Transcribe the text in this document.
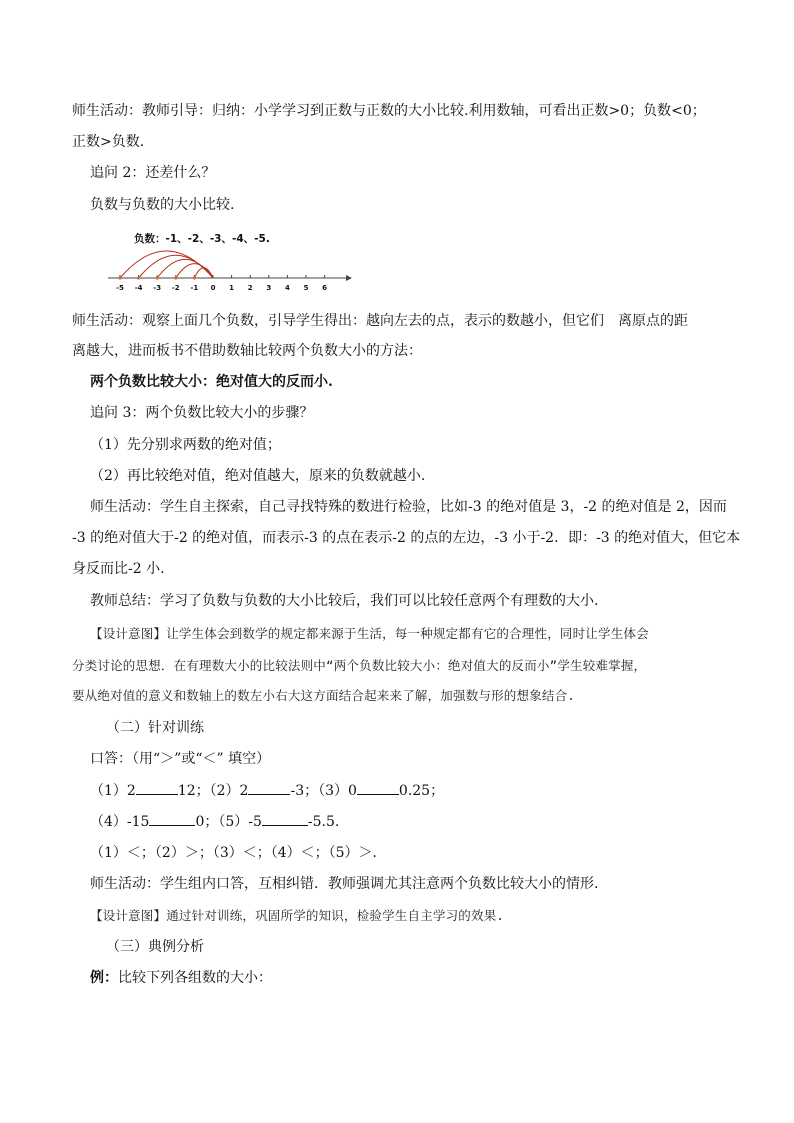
师生活动：教师引导：归纳：小学学习到正数与正数的大小比较.利用数轴，可看出正数>0；负数<0；
正数>负数.
追问 2：还差什么？
负数与负数的大小比较.
负数：-1、-2、-3、-4、-5.
-5 -4 -3 -2 -1 0 1 2 3 4 5 6
师生活动：观察上面几个负数，引导学生得出：越向左去的点，表示的数越小，但它们　离原点的距
离越大，进而板书不借助数轴比较两个负数大小的方法：
两个负数比较大小：绝对值大的反而小.
追问 3：两个负数比较大小的步骤？
（1）先分别求两数的绝对值；
（2）再比较绝对值，绝对值越大，原来的负数就越小.
师生活动：学生自主探索，自己寻找特殊的数进行检验，比如-3 的绝对值是 3，-2 的绝对值是 2，因而
-3 的绝对值大于-2 的绝对值，而表示-3 的点在表示-2 的点的左边，-3 小于-2．即：-3 的绝对值大，但它本
身反而比-2 小.
教师总结：学习了负数与负数的大小比较后，我们可以比较任意两个有理数的大小.
【设计意图】让学生体会到数学的规定都来源于生活，每一种规定都有它的合理性，同时让学生体会
分类讨论的思想．在有理数大小的比较法则中“两个负数比较大小：绝对值大的反而小”学生较难掌握，
要从绝对值的意义和数轴上的数左小右大这方面结合起来来了解，加强数与形的想象结合.
（二）针对训练
口答：（用“＞”或“＜” 填空）
（1）2	12；（2）2	-3；（3）0	0.25；
（4）-15	0；（5）-5	-5.5.
（1）＜；（2）＞；（3）＜；（4）＜；（5）＞.
师生活动：学生组内口答，互相纠错．教师强调尤其注意两个负数比较大小的情形.
【设计意图】通过针对训练，巩固所学的知识，检验学生自主学习的效果.
（三）典例分析
例：比较下列各组数的大小：
